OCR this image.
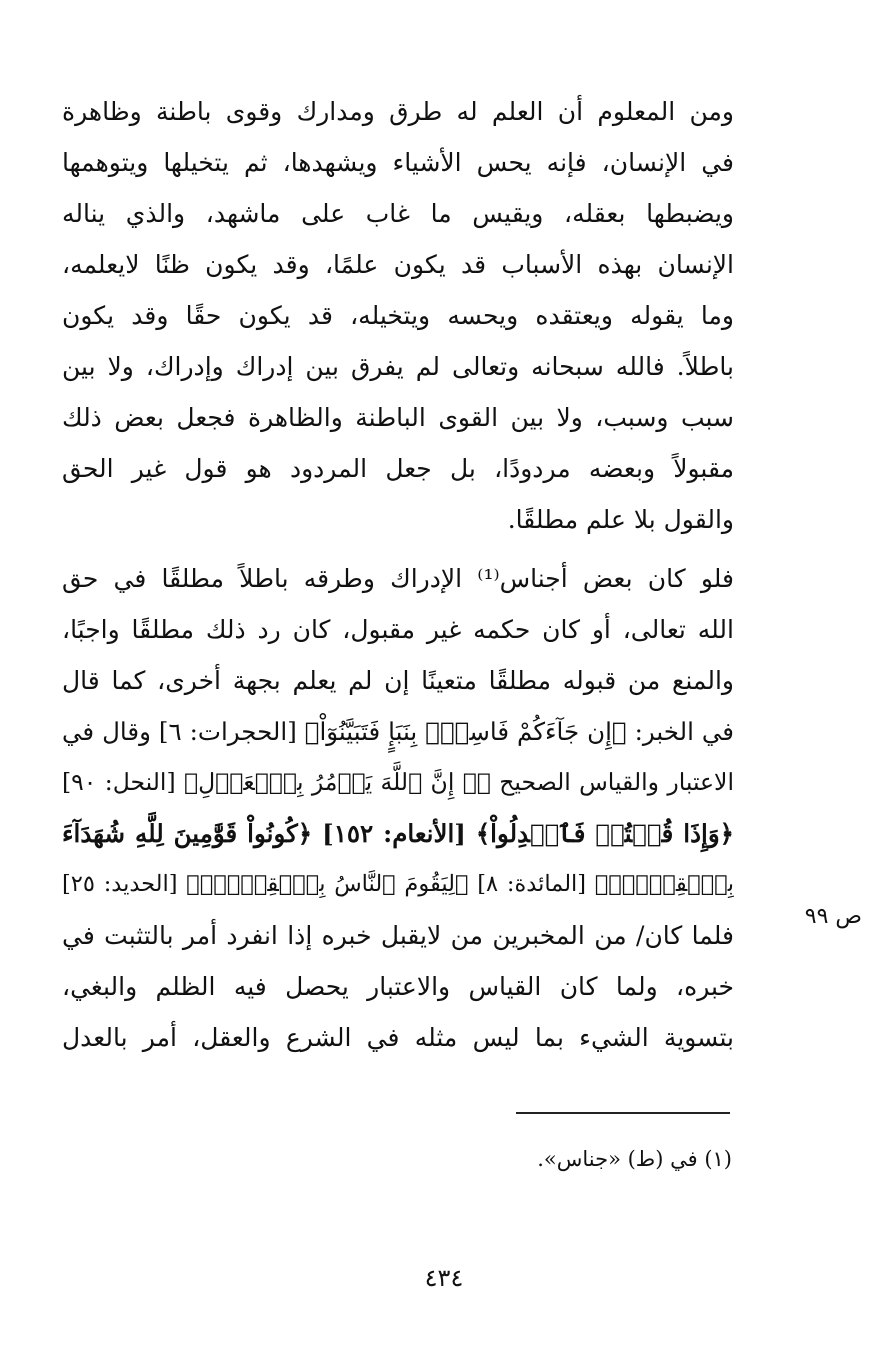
ومن المعلوم أن العلم له طرق ومدارك وقوى باطنة وظاهرة
في الإنسان، فإنه يحس الأشياء ويشهدها، ثم يتخيلها ويتوهمها
ويضبطها بعقله، ويقيس ما غاب على ماشهد، والذي يناله
الإنسان بهذه الأسباب قد يكون علمًا، وقد يكون ظنًا لايعلمه،
وما يقوله ويعتقده ويحسه ويتخيله، قد يكون حقًا وقد يكون
باطلاً. فالله سبحانه وتعالى لم يفرق بين إدراك وإدراك، ولا بين
سبب وسبب، ولا بين القوى الباطنة والظاهرة فجعل بعض ذلك
مقبولاً وبعضه مردودًا، بل جعل المردود هو قول غير الحق
والقول بلا علم مطلقًا.
فلو كان بعض أجناس⁽¹⁾ الإدراك وطرقه باطلاً مطلقًا في حق
الله تعالى، أو كان حكمه غير مقبول، كان رد ذلك مطلقًا واجبًا،
والمنع من قبوله مطلقًا متعينًا إن لم يعلم بجهة أخرى، كما قال
في الخبر: ﴿إِن جَآءَكُمْ فَاسِقُۢ بِنَبَإٍ فَتَبَيَّنُوٓاْ﴾ [الحجرات: ٦] وقال في
الاعتبار والقياس الصحيح ﴿۞ إِنَّ ٱللَّهَ يَأۡمُرُ بِٱلۡعَدۡلِ﴾ [النحل: ٩٠]
﴿وَإِذَا قُلۡتُمۡ فَٱعۡدِلُواْ﴾ [الأنعام: ١٥٢] ﴿كُونُواْ قَوَّٰمِينَ لِلَّهِ شُهَدَآءَ
بِٱلۡقِسۡطِۖ﴾ [المائدة: ٨] ﴿لِيَقُومَ ٱلنَّاسُ بِٱلۡقِسۡطِۖ﴾ [الحديد: ٢٥]
فلما كان/ من المخبرين من لايقبل خبره إذا انفرد أمر بالتثبت في
خبره، ولما كان القياس والاعتبار يحصل فيه الظلم والبغي،
بتسوية الشيء بما ليس مثله في الشرع والعقل، أمر بالعدل
ص ٩٩
(١) في (ط) «جناس».
٤٣٤
